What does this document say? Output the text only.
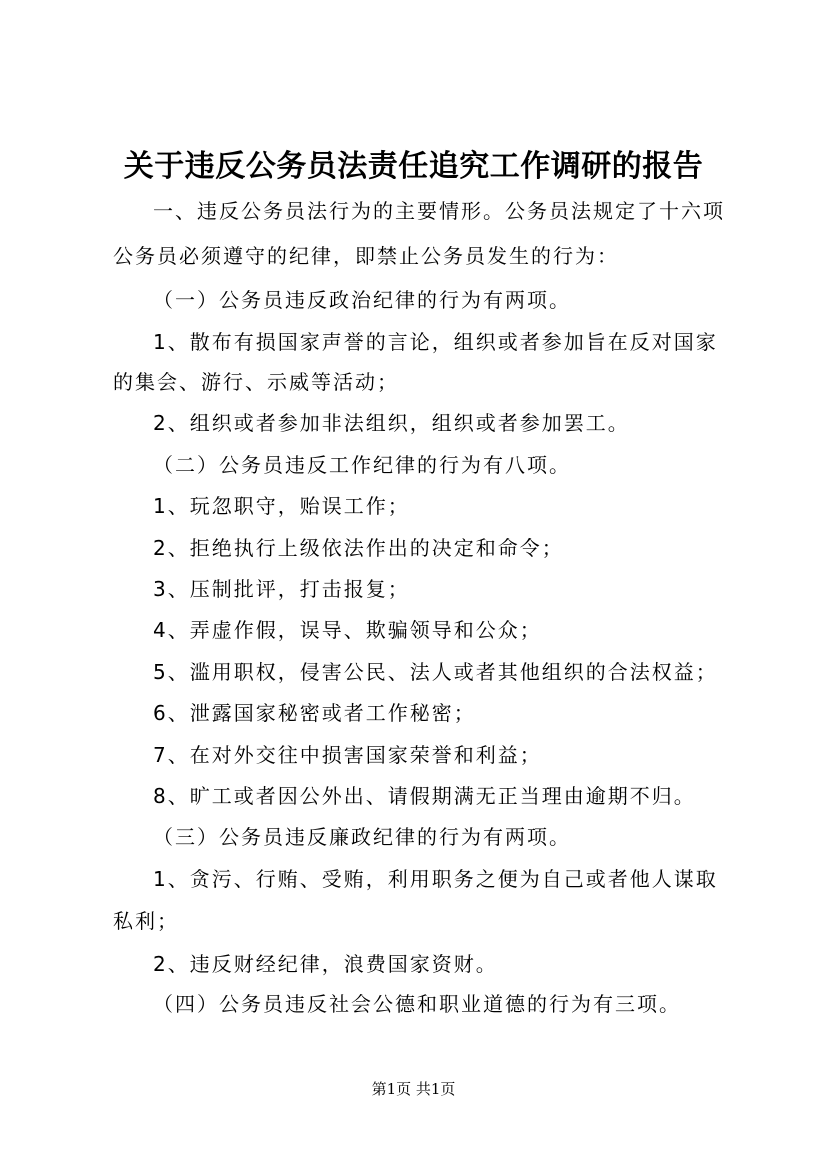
关于违反公务员法责任追究工作调研的报告
一、违反公务员法行为的主要情形。公务员法规定了十六项
公务员必须遵守的纪律，即禁止公务员发生的行为：
（一）公务员违反政治纪律的行为有两项。
1、散布有损国家声誉的言论，组织或者参加旨在反对国家
的集会、游行、示威等活动；
2、组织或者参加非法组织，组织或者参加罢工。
（二）公务员违反工作纪律的行为有八项。
1、玩忽职守，贻误工作；
2、拒绝执行上级依法作出的决定和命令；
3、压制批评，打击报复；
4、弄虚作假，误导、欺骗领导和公众；
5、滥用职权，侵害公民、法人或者其他组织的合法权益；
6、泄露国家秘密或者工作秘密；
7、在对外交往中损害国家荣誉和利益；
8、旷工或者因公外出、请假期满无正当理由逾期不归。
（三）公务员违反廉政纪律的行为有两项。
1、贪污、行贿、受贿，利用职务之便为自己或者他人谋取
私利；
2、违反财经纪律，浪费国家资财。
（四）公务员违反社会公德和职业道德的行为有三项。
第1页 共1页
